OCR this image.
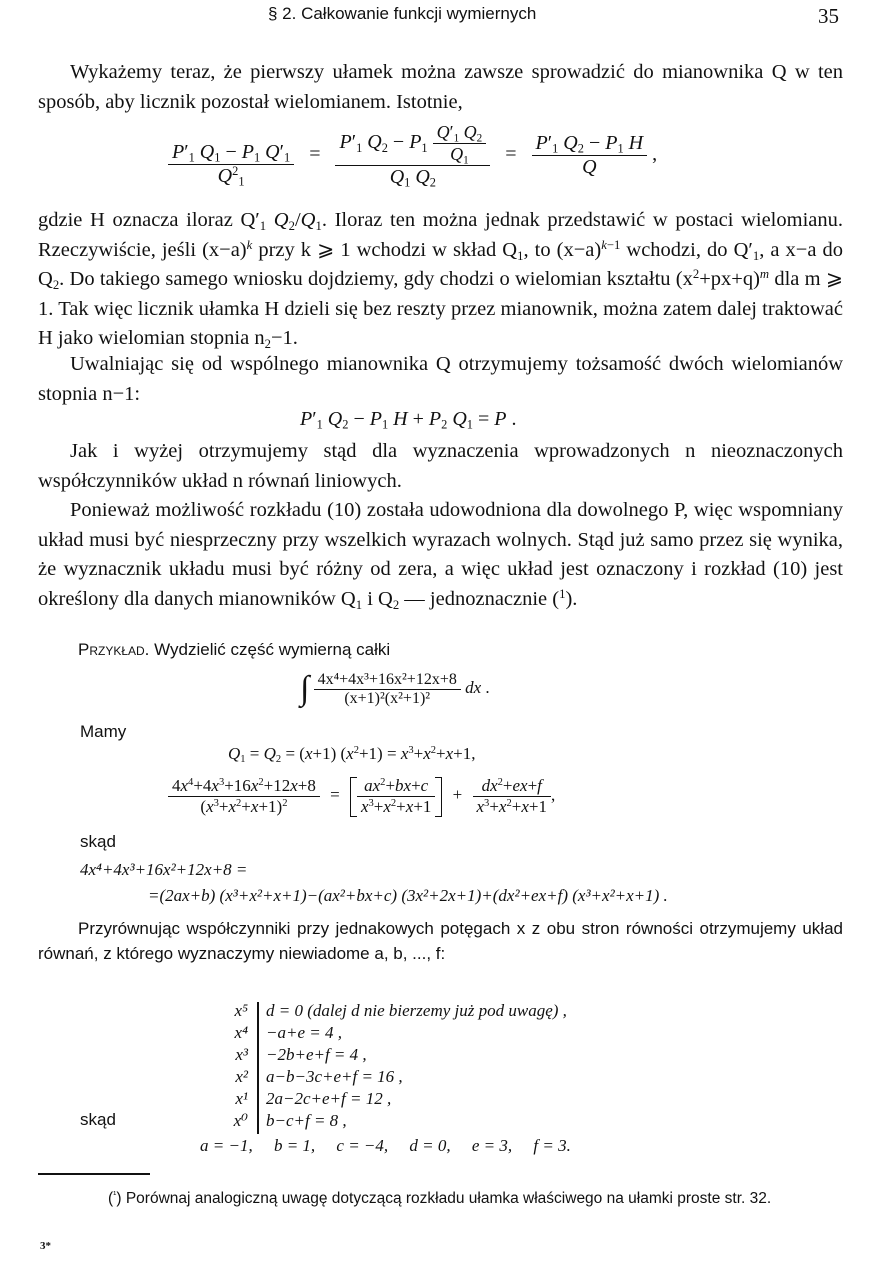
§ 2. Całkowanie funkcji wymiernych	35
Wykażemy teraz, że pierwszy ułamek można zawsze sprowadzić do mianownika Q w ten sposób, aby licznik pozostał wielomianem. Istotnie,
$\frac{P'_1 Q_1 - P_1 Q'_1}{Q^2_1} = \frac{P'_1 Q_2 - P_1 \frac{Q'_1 Q_2}{Q_1}}{Q_1 Q_2} = \frac{P'_1 Q_2 - P_1 H}{Q}$ ,
gdzie H oznacza iloraz $Q'_1$ $Q_2/Q_1$. Iloraz ten można jednak przedstawić w postaci wielomianu. Rzeczywiście, jeśli $(x-a)^k$ przy k ⩾ 1 wchodzi w skład $Q_1$, to $(x-a)^{k-1}$ wchodzi, do $Q'_1$, a x−a do $Q_2$. Do takiego samego wniosku dojdziemy, gdy chodzi o wielomian kształtu $(x^2+px+q)^m$ dla m ⩾ 1. Tak więc licznik ułamka H dzieli się bez reszty przez mianownik, można zatem dalej traktować H jako wielomian stopnia $n_2-1$.
Uwalniając się od wspólnego mianownika Q otrzymujemy tożsamość dwóch wielomianów stopnia n−1:
$P'_1$ $Q_2 - P_1$ $H + P_2$ $Q_1 = P$ .
Jak i wyżej otrzymujemy stąd dla wyznaczenia wprowadzonych n nieoznaczonych współczynników układ n równań liniowych.
Ponieważ możliwość rozkładu (10) została udowodniona dla dowolnego P, więc wspomniany układ musi być niesprzeczny przy wszelkich wyrazach wolnych. Stąd już samo przez się wynika, że wyznacznik układu musi być różny od zera, a więc układ jest oznaczony i rozkład (10) jest określony dla danych mianowników $Q_1$ i $Q_2$ — jednoznacznie ($^1$).
Przykład. Wydzielić część wymierną całki
∫ $\frac{\text{4x⁴+4x³+16x²+12x+8}}{\text{(x+1)²(x²+1)²}}$ dx .
Mamy
$Q_1 = Q_2 = (x+1) (x^2+1) = x^3+x^2+x+1$,
$\frac{4x^4+4x^3+16x^2+12x+8}{(x^3+x^2+x+1)^2} = \frac{ax^2+bx+c}{x^3+x^2+x+1} + \frac{dx^2+ex+f}{x^3+x^2+x+1}$ ,
skąd
4x⁴+4x³+16x²+12x+8 =
=(2ax+b) (x³+x²+x+1)−(ax²+bx+c) (3x²+2x+1)+(dx²+ex+f) (x³+x²+x+1) .
Przyrównując współczynniki przy jednakowych potęgach x z obu stron równości otrzymujemy układ równań, z którego wyznaczymy niewiadome a, b, ..., f:
x⁵ d = 0 (dalej d nie bierzemy już pod uwagę) ,
x⁴ −a+e = 4 ,
x³ −2b+e+f = 4 ,
x² a−b−3c+e+f = 16 ,
x¹ 2a−2c+e+f = 12 ,
x⁰ b−c+f = 8 ,
skąd
a = −1,     b = 1,     c = −4,     d = 0,     e = 3,     f = 3.
($^{^1}$) Porównaj analogiczną uwagę dotyczącą rozkładu ułamka właściwego na ułamki proste str. 32.
3*
